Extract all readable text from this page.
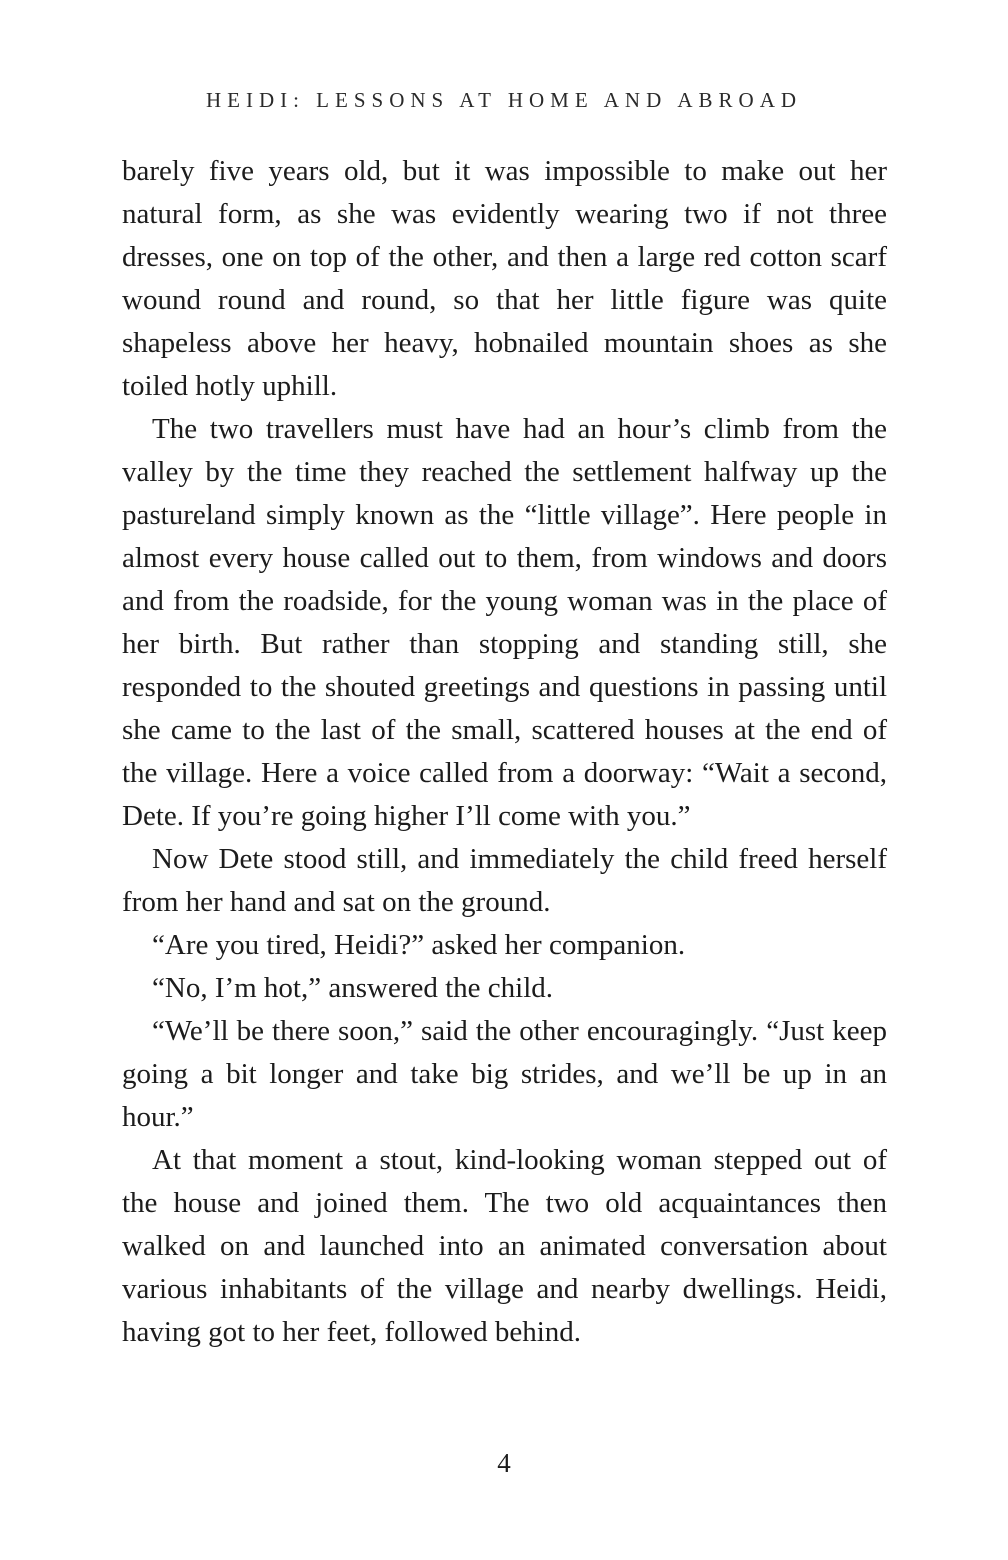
HEIDI: LESSONS AT HOME AND ABROAD

barely five years old, but it was impossible to make out her natural form, as she was evidently wearing two if not three dresses, one on top of the other, and then a large red cotton scarf wound round and round, so that her little figure was quite shapeless above her heavy, hobnailed mountain shoes as she toiled hotly uphill.

The two travellers must have had an hour’s climb from the valley by the time they reached the settlement halfway up the pastureland simply known as the “little village”. Here people in almost every house called out to them, from windows and doors and from the roadside, for the young woman was in the place of her birth. But rather than stopping and standing still, she responded to the shouted greetings and questions in passing until she came to the last of the small, scattered houses at the end of the village. Here a voice called from a doorway: “Wait a second, Dete. If you’re going higher I’ll come with you.”

Now Dete stood still, and immediately the child freed herself from her hand and sat on the ground.

“Are you tired, Heidi?” asked her companion.

“No, I’m hot,” answered the child.

“We’ll be there soon,” said the other encouragingly. “Just keep going a bit longer and take big strides, and we’ll be up in an hour.”

At that moment a stout, kind-looking woman stepped out of the house and joined them. The two old acquaintances then walked on and launched into an animated conversation about various inhabitants of the village and nearby dwellings. Heidi, having got to her feet, followed behind.

4
